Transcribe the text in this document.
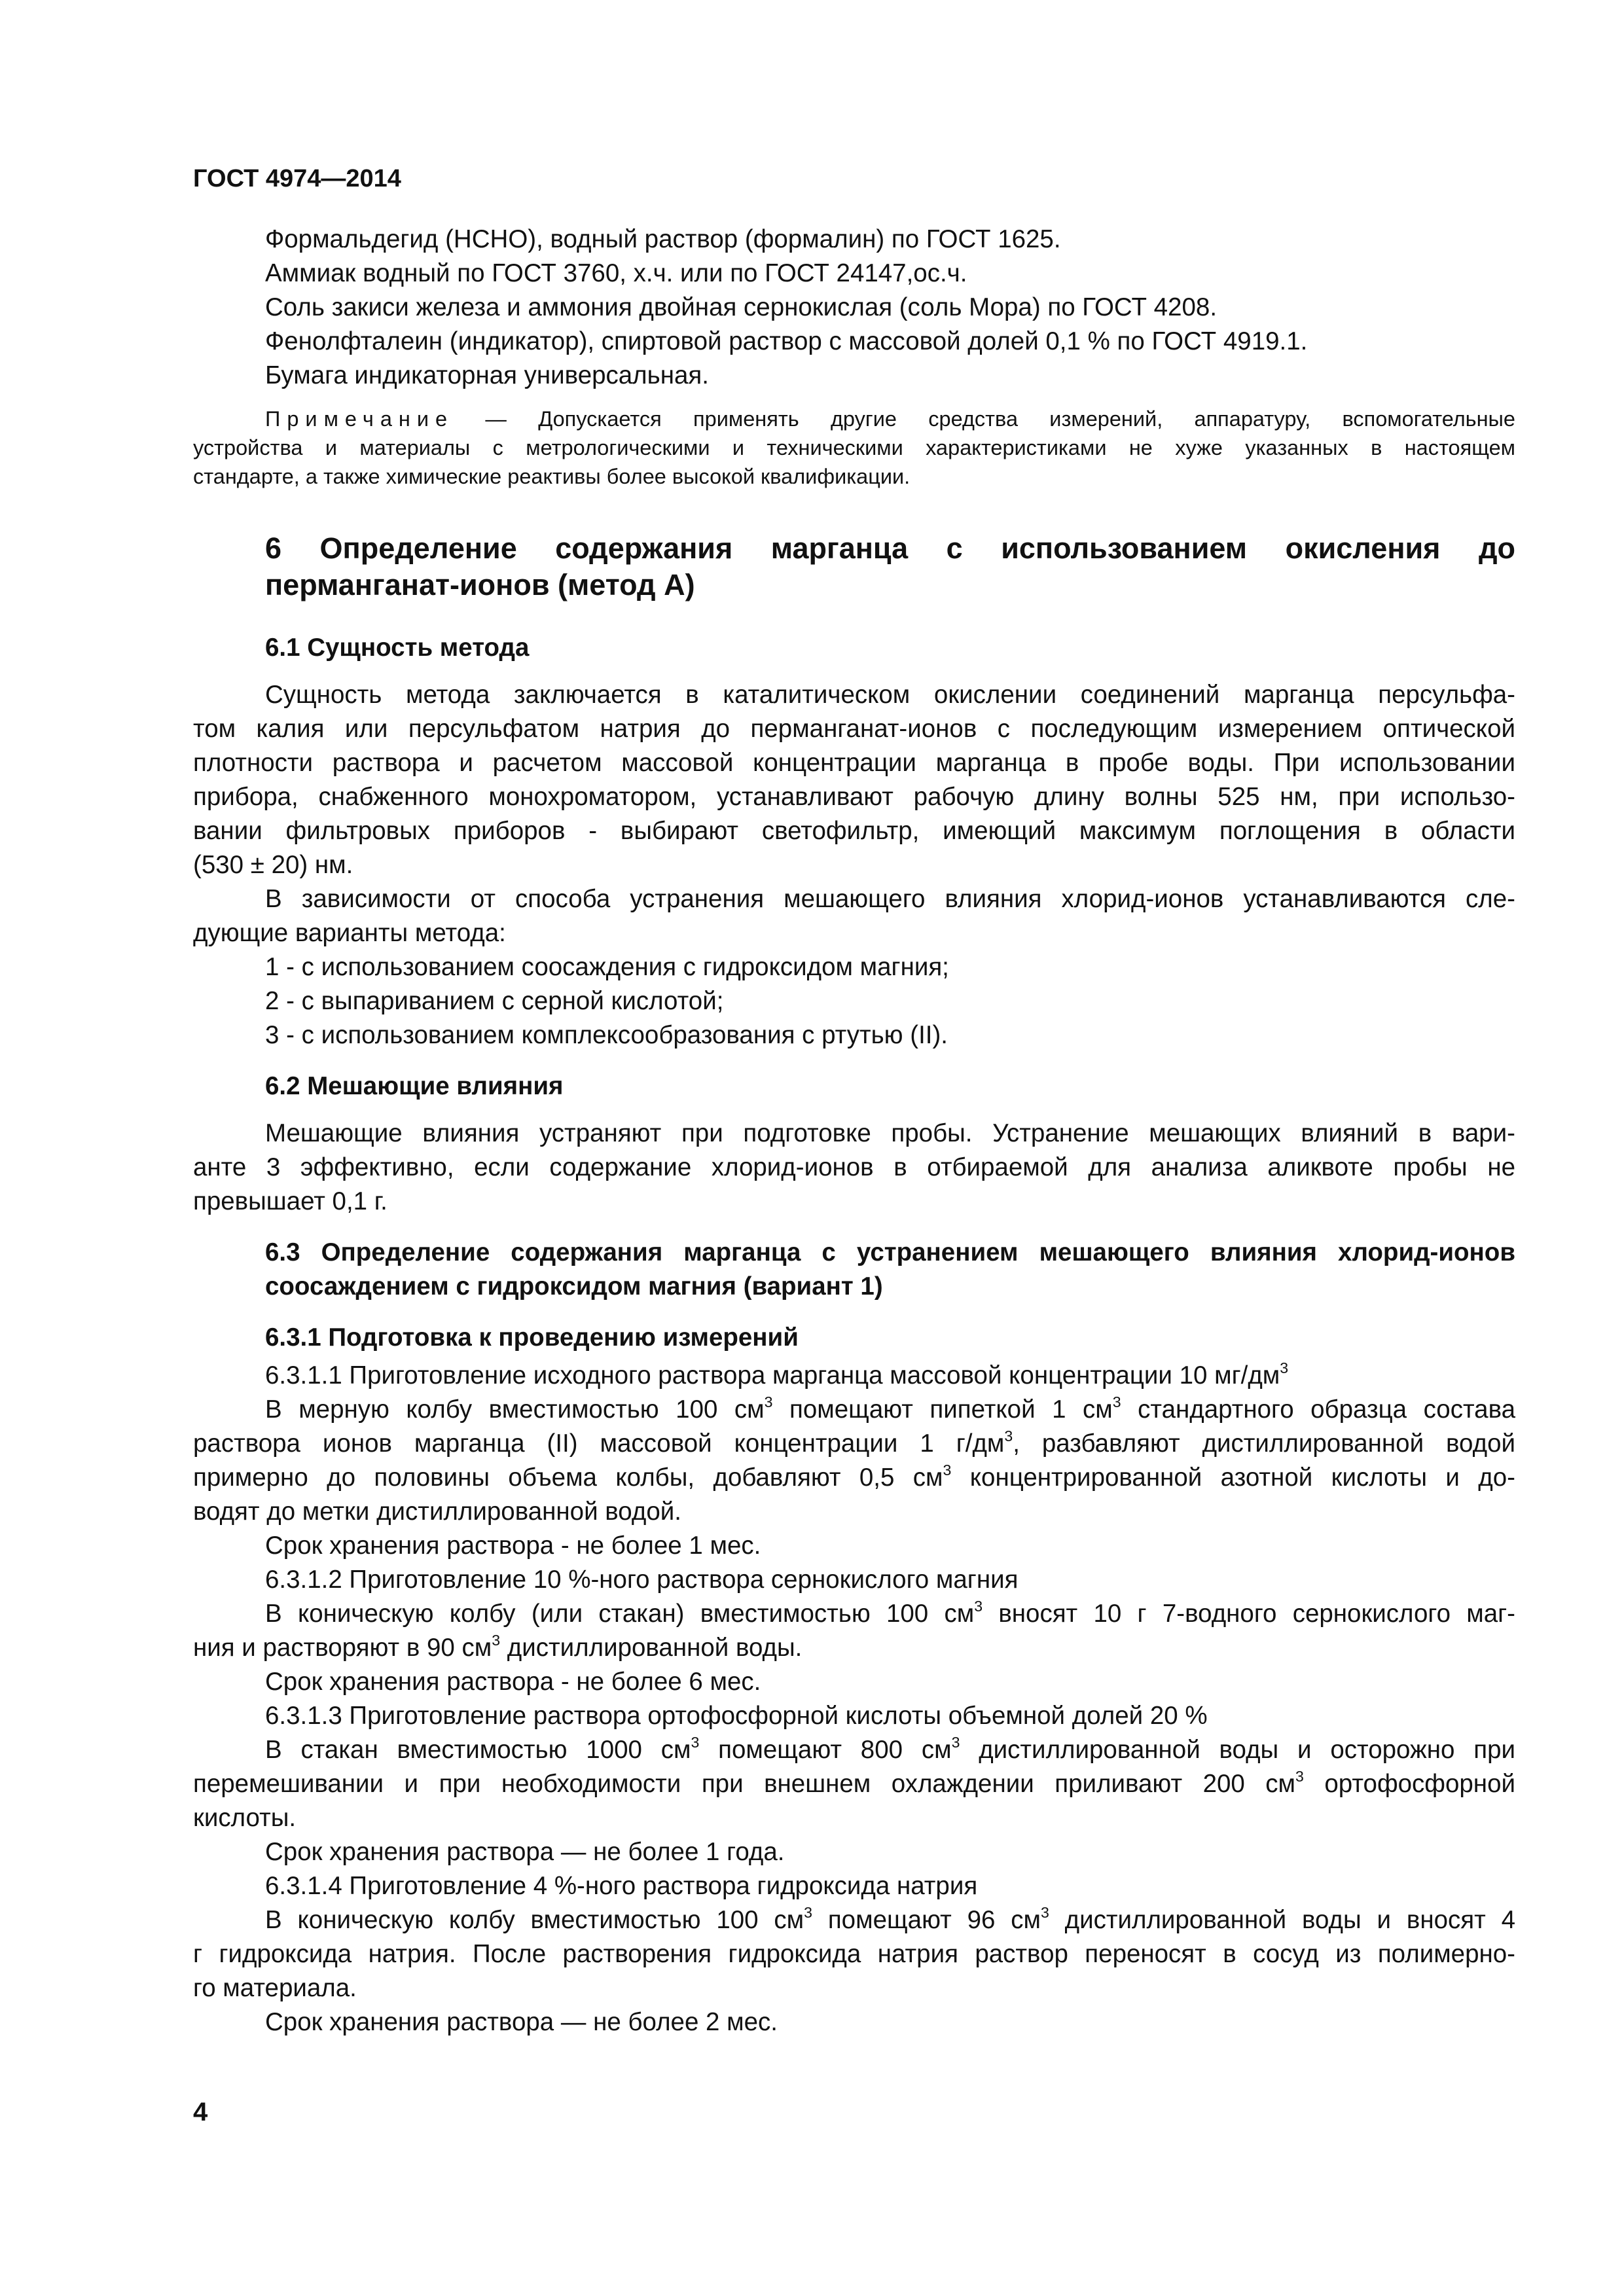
ГОСТ 4974—2014
Формальдегид (HCHO), водный раствор (формалин) по ГОСТ 1625.
Аммиак водный по ГОСТ 3760, х.ч. или по ГОСТ 24147,ос.ч.
Соль закиси железа и аммония двойная сернокислая (соль Мора) по ГОСТ 4208.
Фенолфталеин (индикатор), спиртовой раствор с массовой долей 0,1 % по ГОСТ 4919.1.
Бумага индикаторная универсальная.
Примечание — Допускается применять другие средства измерений, аппаратуру, вспомогательные
устройства и материалы с метрологическими и техническими характеристиками не хуже указанных в настоящем
стандарте, а также химические реактивы более высокой квалификации.
6 Определение содержания марганца с использованием окисления до
перманганат-ионов (метод А)
6.1 Сущность метода
Сущность метода заключается в каталитическом окислении соединений марганца персульфа-
том калия или персульфатом натрия до перманганат-ионов с последующим измерением оптической
плотности раствора и расчетом массовой концентрации марганца в пробе воды. При использовании
прибора, снабженного монохроматором, устанавливают рабочую длину волны 525 нм, при использо-
вании фильтровых приборов - выбирают светофильтр, имеющий максимум поглощения в области
(530 ± 20) нм.
В зависимости от способа устранения мешающего влияния хлорид-ионов устанавливаются сле-
дующие варианты метода:
1 - с использованием соосаждения с гидроксидом магния;
2 - с выпариванием с серной кислотой;
3 - с использованием комплексообразования с ртутью (II).
6.2 Мешающие влияния
Мешающие влияния устраняют при подготовке пробы. Устранение мешающих влияний в вари-
анте 3 эффективно, если содержание хлорид-ионов в отбираемой для анализа аликвоте пробы не
превышает 0,1 г.
6.3 Определение содержания марганца с устранением мешающего влияния хлорид-ионов
соосаждением с гидроксидом магния (вариант 1)
6.3.1 Подготовка к проведению измерений
6.3.1.1 Приготовление исходного раствора марганца массовой концентрации 10 $мг/дм^3$
В мерную колбу вместимостью 100 $см^3$ помещают пипеткой 1 $см^3$ стандартного образца состава
раствора ионов марганца (II) массовой концентрации 1 $г/дм^3$, разбавляют дистиллированной водой
примерно до половины объема колбы, добавляют 0,5 $см^3$ концентрированной азотной кислоты и до-
водят до метки дистиллированной водой.
Срок хранения раствора - не более 1 мес.
6.3.1.2 Приготовление 10 %-ного раствора сернокислого магния
В коническую колбу (или стакан) вместимостью 100 $см^3$ вносят 10 г 7-водного сернокислого маг-
ния и растворяют в 90 $см^3$ дистиллированной воды.
Срок хранения раствора - не более 6 мес.
6.3.1.3 Приготовление раствора ортофосфорной кислоты объемной долей 20 %
В стакан вместимостью 1000 $см^3$ помещают 800 $см^3$ дистиллированной воды и осторожно при
перемешивании и при необходимости при внешнем охлаждении приливают 200 $см^3$ ортофосфорной
кислоты.
Срок хранения раствора — не более 1 года.
6.3.1.4 Приготовление 4 %-ного раствора гидроксида натрия
В коническую колбу вместимостью 100 $см^3$ помещают 96 $см^3$ дистиллированной воды и вносят 4
г гидроксида натрия. После растворения гидроксида натрия раствор переносят в сосуд из полимерно-
го материала.
Срок хранения раствора — не более 2 мес.
4
